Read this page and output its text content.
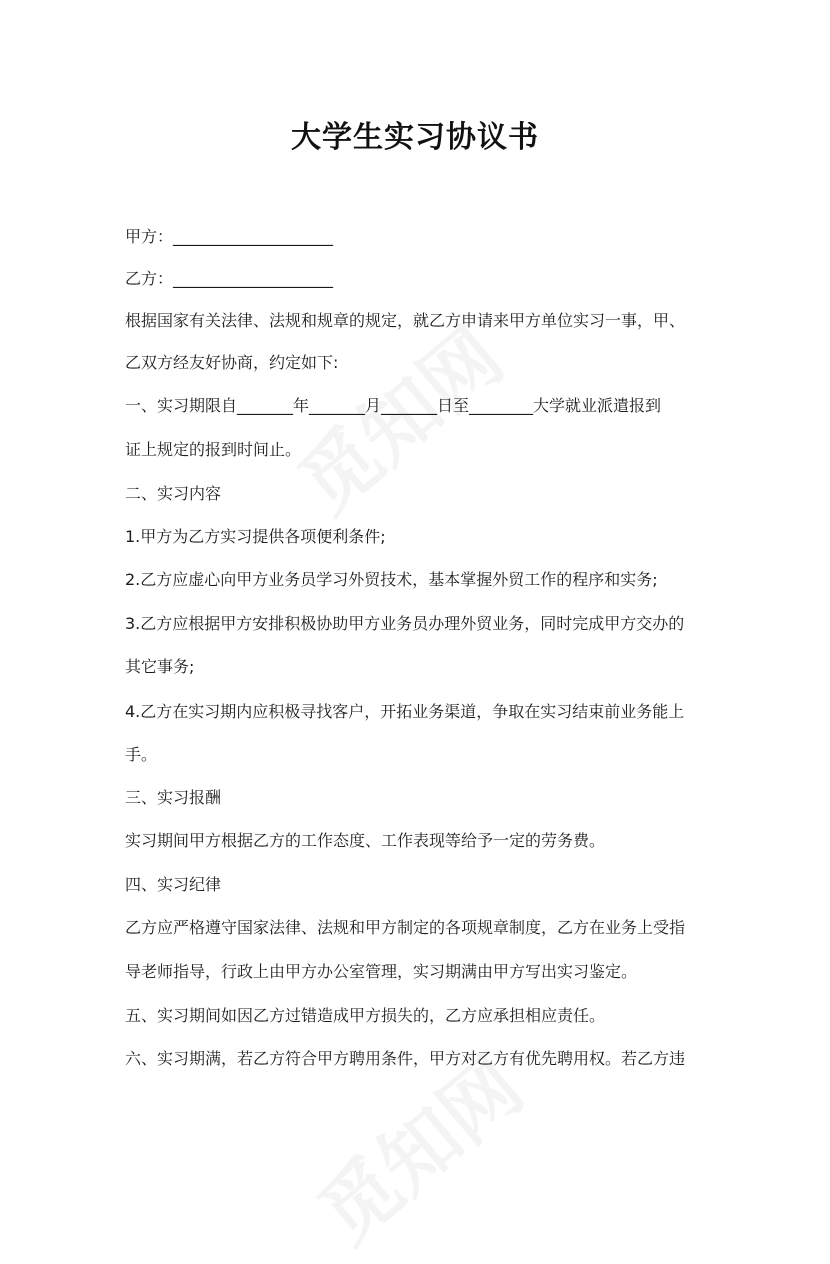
大学生实习协议书
甲方：____________________
乙方：____________________
根据国家有关法律、法规和规章的规定，就乙方申请来甲方单位实习一事，甲、
乙双方经友好协商，约定如下:
一、实习期限自_______年_______月_______日至________大学就业派遣报到
证上规定的报到时间止。
二、实习内容
1.甲方为乙方实习提供各项便利条件;
2.乙方应虚心向甲方业务员学习外贸技术，基本掌握外贸工作的程序和实务;
3.乙方应根据甲方安排积极协助甲方业务员办理外贸业务，同时完成甲方交办的
其它事务;
4.乙方在实习期内应积极寻找客户，开拓业务渠道，争取在实习结束前业务能上
手。
三、实习报酬
实习期间甲方根据乙方的工作态度、工作表现等给予一定的劳务费。
四、实习纪律
乙方应严格遵守国家法律、法规和甲方制定的各项规章制度，乙方在业务上受指
导老师指导，行政上由甲方办公室管理，实习期满由甲方写出实习鉴定。
五、实习期间如因乙方过错造成甲方损失的，乙方应承担相应责任。
六、实习期满，若乙方符合甲方聘用条件，甲方对乙方有优先聘用权。若乙方违
